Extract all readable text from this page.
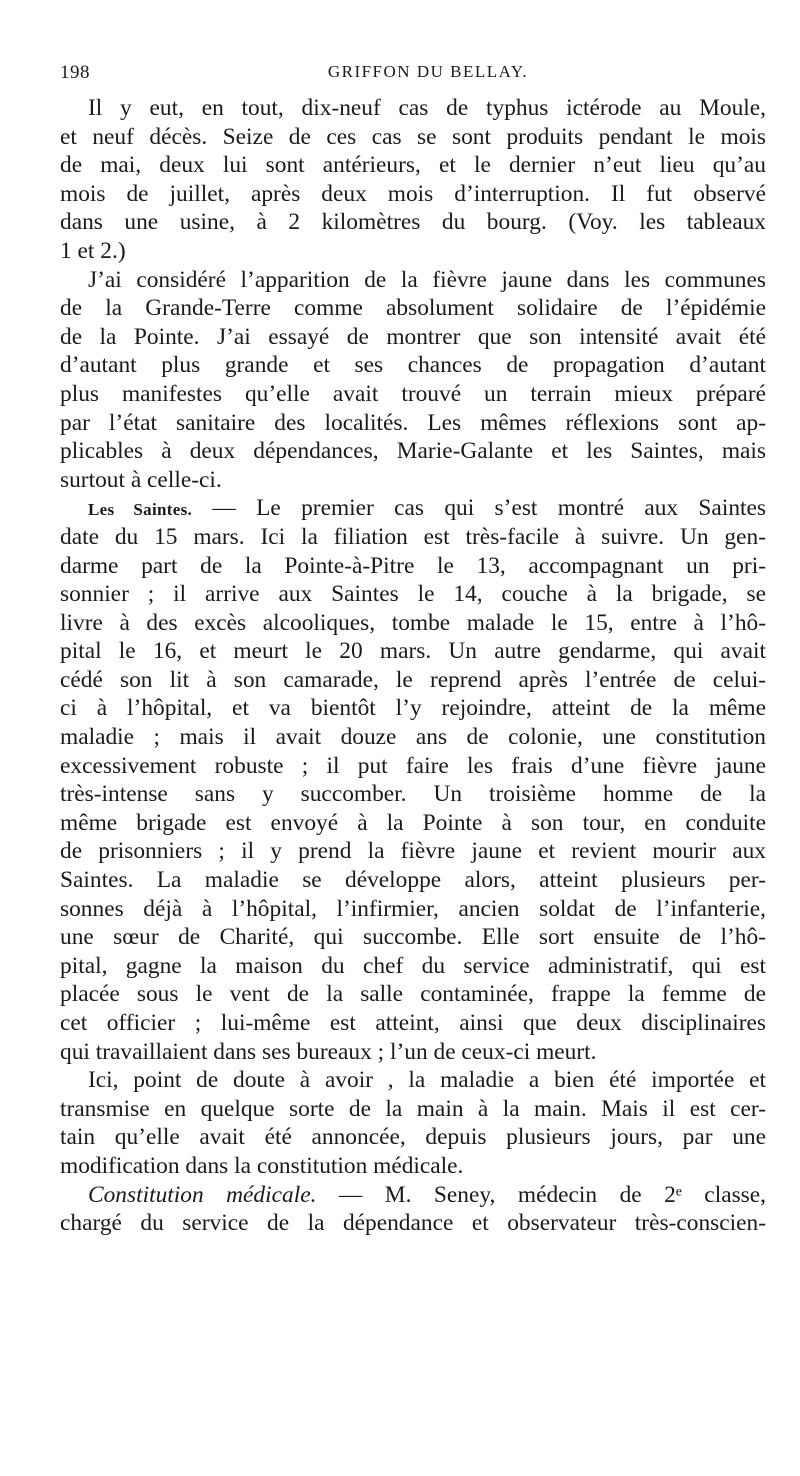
198	GRIFFON DU BELLAY.
Il y eut, en tout, dix-neuf cas de typhus ictérode au Moule,
et neuf décès. Seize de ces cas se sont produits pendant le mois
de mai, deux lui sont antérieurs, et le dernier n’eut lieu qu’au
mois de juillet, après deux mois d’interruption. Il fut observé
dans une usine, à 2 kilomètres du bourg. (Voy. les tableaux
1 et 2.)
J’ai considéré l’apparition de la fièvre jaune dans les communes
de la Grande-Terre comme absolument solidaire de l’épidémie
de la Pointe. J’ai essayé de montrer que son intensité avait été
d’autant plus grande et ses chances de propagation d’autant
plus manifestes qu’elle avait trouvé un terrain mieux préparé
par l’état sanitaire des localités. Les mêmes réflexions sont ap-
plicables à deux dépendances, Marie-Galante et les Saintes, mais
surtout à celle-ci.
Les Saintes. — Le premier cas qui s’est montré aux Saintes
date du 15 mars. Ici la filiation est très-facile à suivre. Un gen-
darme part de la Pointe-à-Pitre le 13, accompagnant un pri-
sonnier ; il arrive aux Saintes le 14, couche à la brigade, se
livre à des excès alcooliques, tombe malade le 15, entre à l’hô-
pital le 16, et meurt le 20 mars. Un autre gendarme, qui avait
cédé son lit à son camarade, le reprend après l’entrée de celui-
ci à l’hôpital, et va bientôt l’y rejoindre, atteint de la même
maladie ; mais il avait douze ans de colonie, une constitution
excessivement robuste ; il put faire les frais d’une fièvre jaune
très-intense sans y succomber. Un troisième homme de la
même brigade est envoyé à la Pointe à son tour, en conduite
de prisonniers ; il y prend la fièvre jaune et revient mourir aux
Saintes. La maladie se développe alors, atteint plusieurs per-
sonnes déjà à l’hôpital, l’infirmier, ancien soldat de l’infanterie,
une sœur de Charité, qui succombe. Elle sort ensuite de l’hô-
pital, gagne la maison du chef du service administratif, qui est
placée sous le vent de la salle contaminée, frappe la femme de
cet officier ; lui-même est atteint, ainsi que deux disciplinaires
qui travaillaient dans ses bureaux ; l’un de ceux-ci meurt.
Ici, point de doute à avoir , la maladie a bien été importée et
transmise en quelque sorte de la main à la main. Mais il est cer-
tain qu’elle avait été annoncée, depuis plusieurs jours, par une
modification dans la constitution médicale.
Constitution médicale. — M. Seney, médecin de 2ᵉ classe,
chargé du service de la dépendance et observateur très-conscien-
